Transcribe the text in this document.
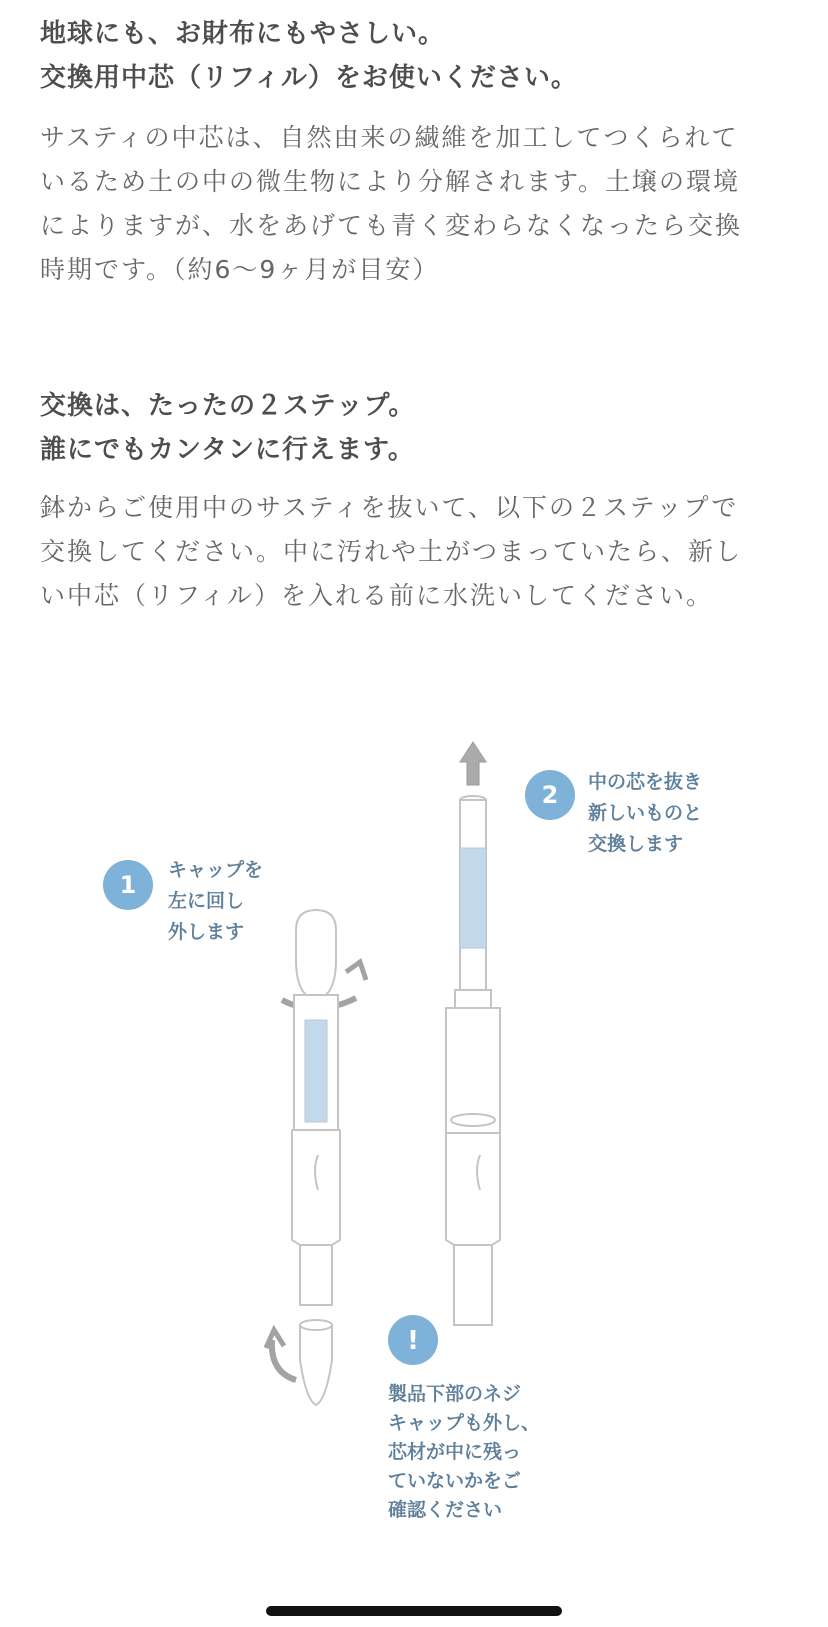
地球にも、お財布にもやさしい。
交換用中芯（リフィル）をお使いください。

サスティの中芯は、自然由来の繊維を加工してつくられて
いるため土の中の微生物により分解されます。土壌の環境
によりますが、水をあげても青く変わらなくなったら交換
時期です。（約6〜9ヶ月が目安）

交換は、たったの２ステップ。
誰にでもカンタンに行えます。

鉢からご使用中のサスティを抜いて、以下の２ステップで
交換してください。中に汚れや土がつまっていたら、新し
い中芯（リフィル）を入れる前に水洗いしてください。

1
キャップを
左に回し
外します
2 中の芯を抜き
新しいものと
交換します
!
製品下部のネジ
キャップも外し、
芯材が中に残っ
ていないかをご
確認ください
